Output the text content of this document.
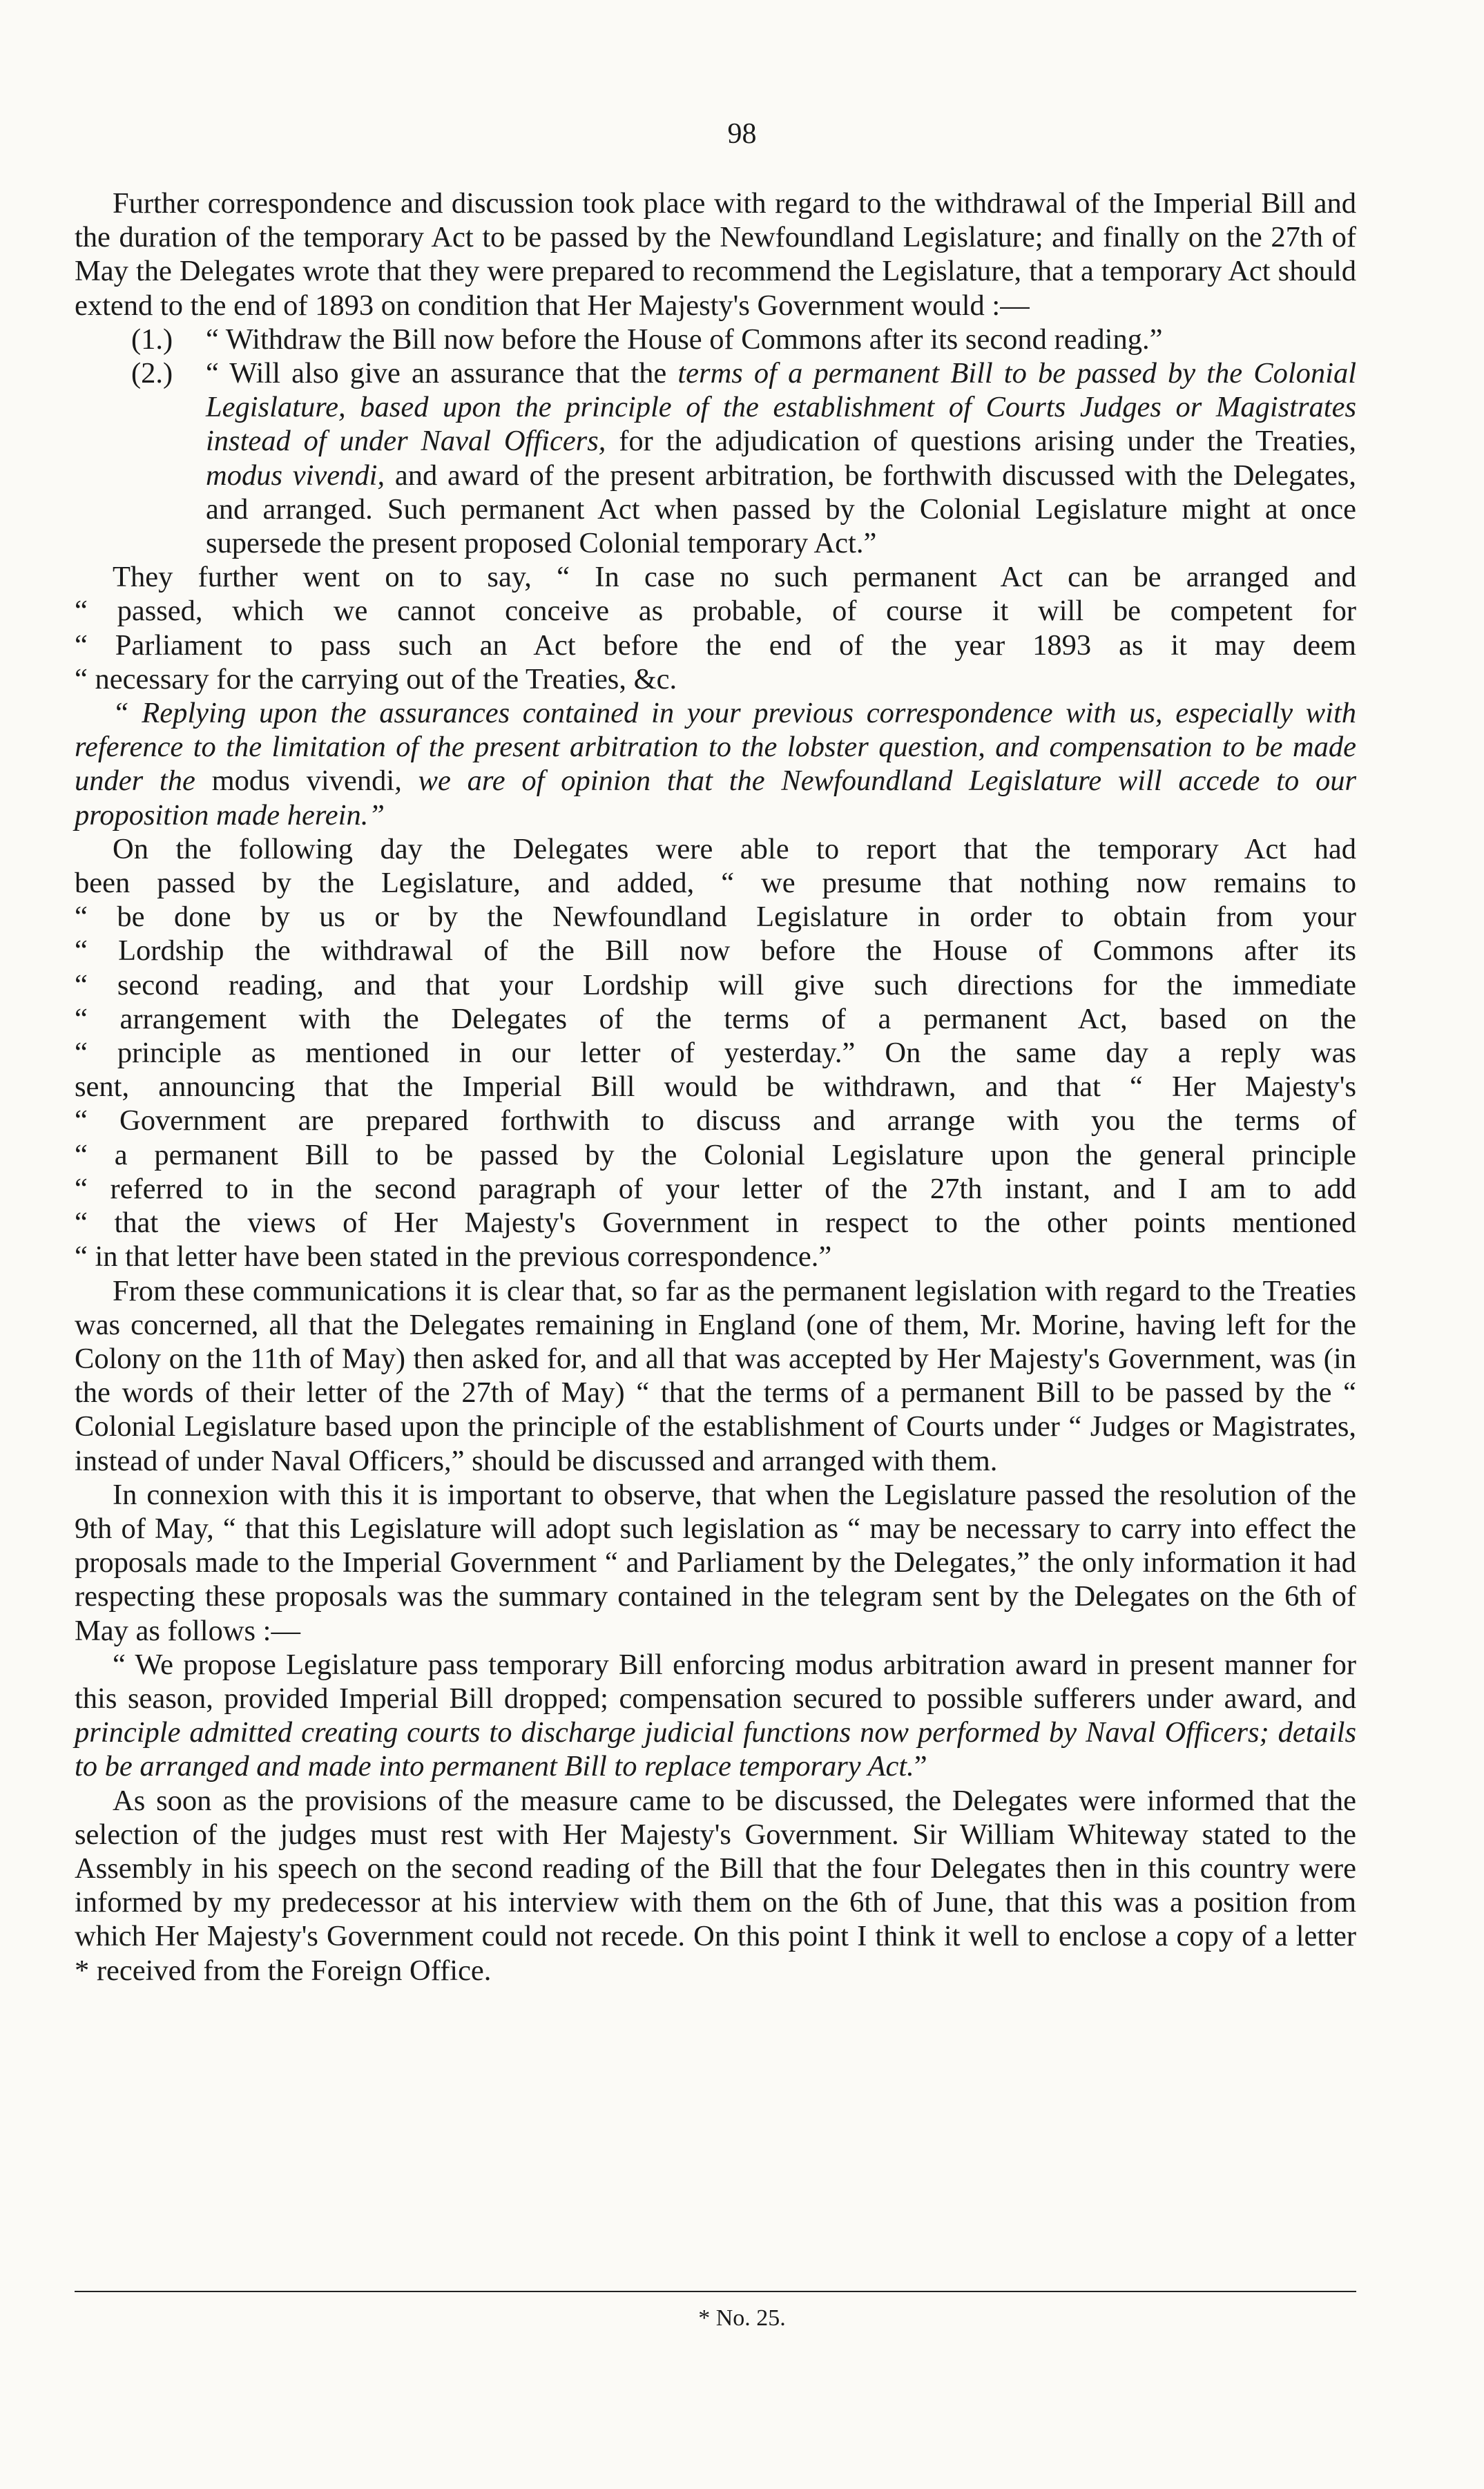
98

Further correspondence and discussion took place with regard to the withdrawal of the Imperial Bill and the duration of the temporary Act to be passed by the Newfoundland Legislature; and finally on the 27th of May the Delegates wrote that they were prepared to recommend the Legislature, that a temporary Act should extend to the end of 1893 on condition that Her Majesty's Government would :—

(1.) “ Withdraw the Bill now before the House of Commons after its second reading.”

(2.) “ Will also give an assurance that the terms of a permanent Bill to be passed by the Colonial Legislature, based upon the principle of the establishment of Courts Judges or Magistrates instead of under Naval Officers, for the adjudication of questions arising under the Treaties, modus vivendi, and award of the present arbitration, be forthwith discussed with the Delegates, and arranged. Such permanent Act when passed by the Colonial Legislature might at once supersede the present proposed Colonial temporary Act.”

They further went on to say, “ In case no such permanent Act can be arranged and

“ passed, which we cannot conceive as probable, of course it will be competent for

“ Parliament to pass such an Act before the end of the year 1893 as it may deem

“ necessary for the carrying out of the Treaties, &c.

“ Replying upon the assurances contained in your previous correspondence with us, especially with reference to the limitation of the present arbitration to the lobster question, and compensation to be made under the modus vivendi, we are of opinion that the Newfoundland Legislature will accede to our proposition made herein.”

On the following day the Delegates were able to report that the temporary Act had

been passed by the Legislature, and added, “ we presume that nothing now remains to

“ be done by us or by the Newfoundland Legislature in order to obtain from your

“ Lordship the withdrawal of the Bill now before the House of Commons after its

“ second reading, and that your Lordship will give such directions for the immediate

“ arrangement with the Delegates of the terms of a permanent Act, based on the

“ principle as mentioned in our letter of yesterday.” On the same day a reply was

sent, announcing that the Imperial Bill would be withdrawn, and that “ Her Majesty's

“ Government are prepared forthwith to discuss and arrange with you the terms of

“ a permanent Bill to be passed by the Colonial Legislature upon the general principle

“ referred to in the second paragraph of your letter of the 27th instant, and I am to add

“ that the views of Her Majesty's Government in respect to the other points mentioned

“ in that letter have been stated in the previous correspondence.”

From these communications it is clear that, so far as the permanent legislation with regard to the Treaties was concerned, all that the Delegates remaining in England (one of them, Mr. Morine, having left for the Colony on the 11th of May) then asked for, and all that was accepted by Her Majesty's Government, was (in the words of their letter of the 27th of May) “ that the terms of a permanent Bill to be passed by the “ Colonial Legislature based upon the principle of the establishment of Courts under “ Judges or Magistrates, instead of under Naval Officers,” should be discussed and arranged with them.

In connexion with this it is important to observe, that when the Legislature passed the resolution of the 9th of May, “ that this Legislature will adopt such legislation as “ may be necessary to carry into effect the proposals made to the Imperial Government “ and Parliament by the Delegates,” the only information it had respecting these proposals was the summary contained in the telegram sent by the Delegates on the 6th of May as follows :—

“ We propose Legislature pass temporary Bill enforcing modus arbitration award in present manner for this season, provided Imperial Bill dropped; compensation secured to possible sufferers under award, and principle admitted creating courts to discharge judicial functions now performed by Naval Officers; details to be arranged and made into permanent Bill to replace temporary Act.”

As soon as the provisions of the measure came to be discussed, the Delegates were informed that the selection of the judges must rest with Her Majesty's Government. Sir William Whiteway stated to the Assembly in his speech on the second reading of the Bill that the four Delegates then in this country were informed by my predecessor at his interview with them on the 6th of June, that this was a position from which Her Majesty's Government could not recede. On this point I think it well to enclose a copy of a letter * received from the Foreign Office.

* No. 25.
